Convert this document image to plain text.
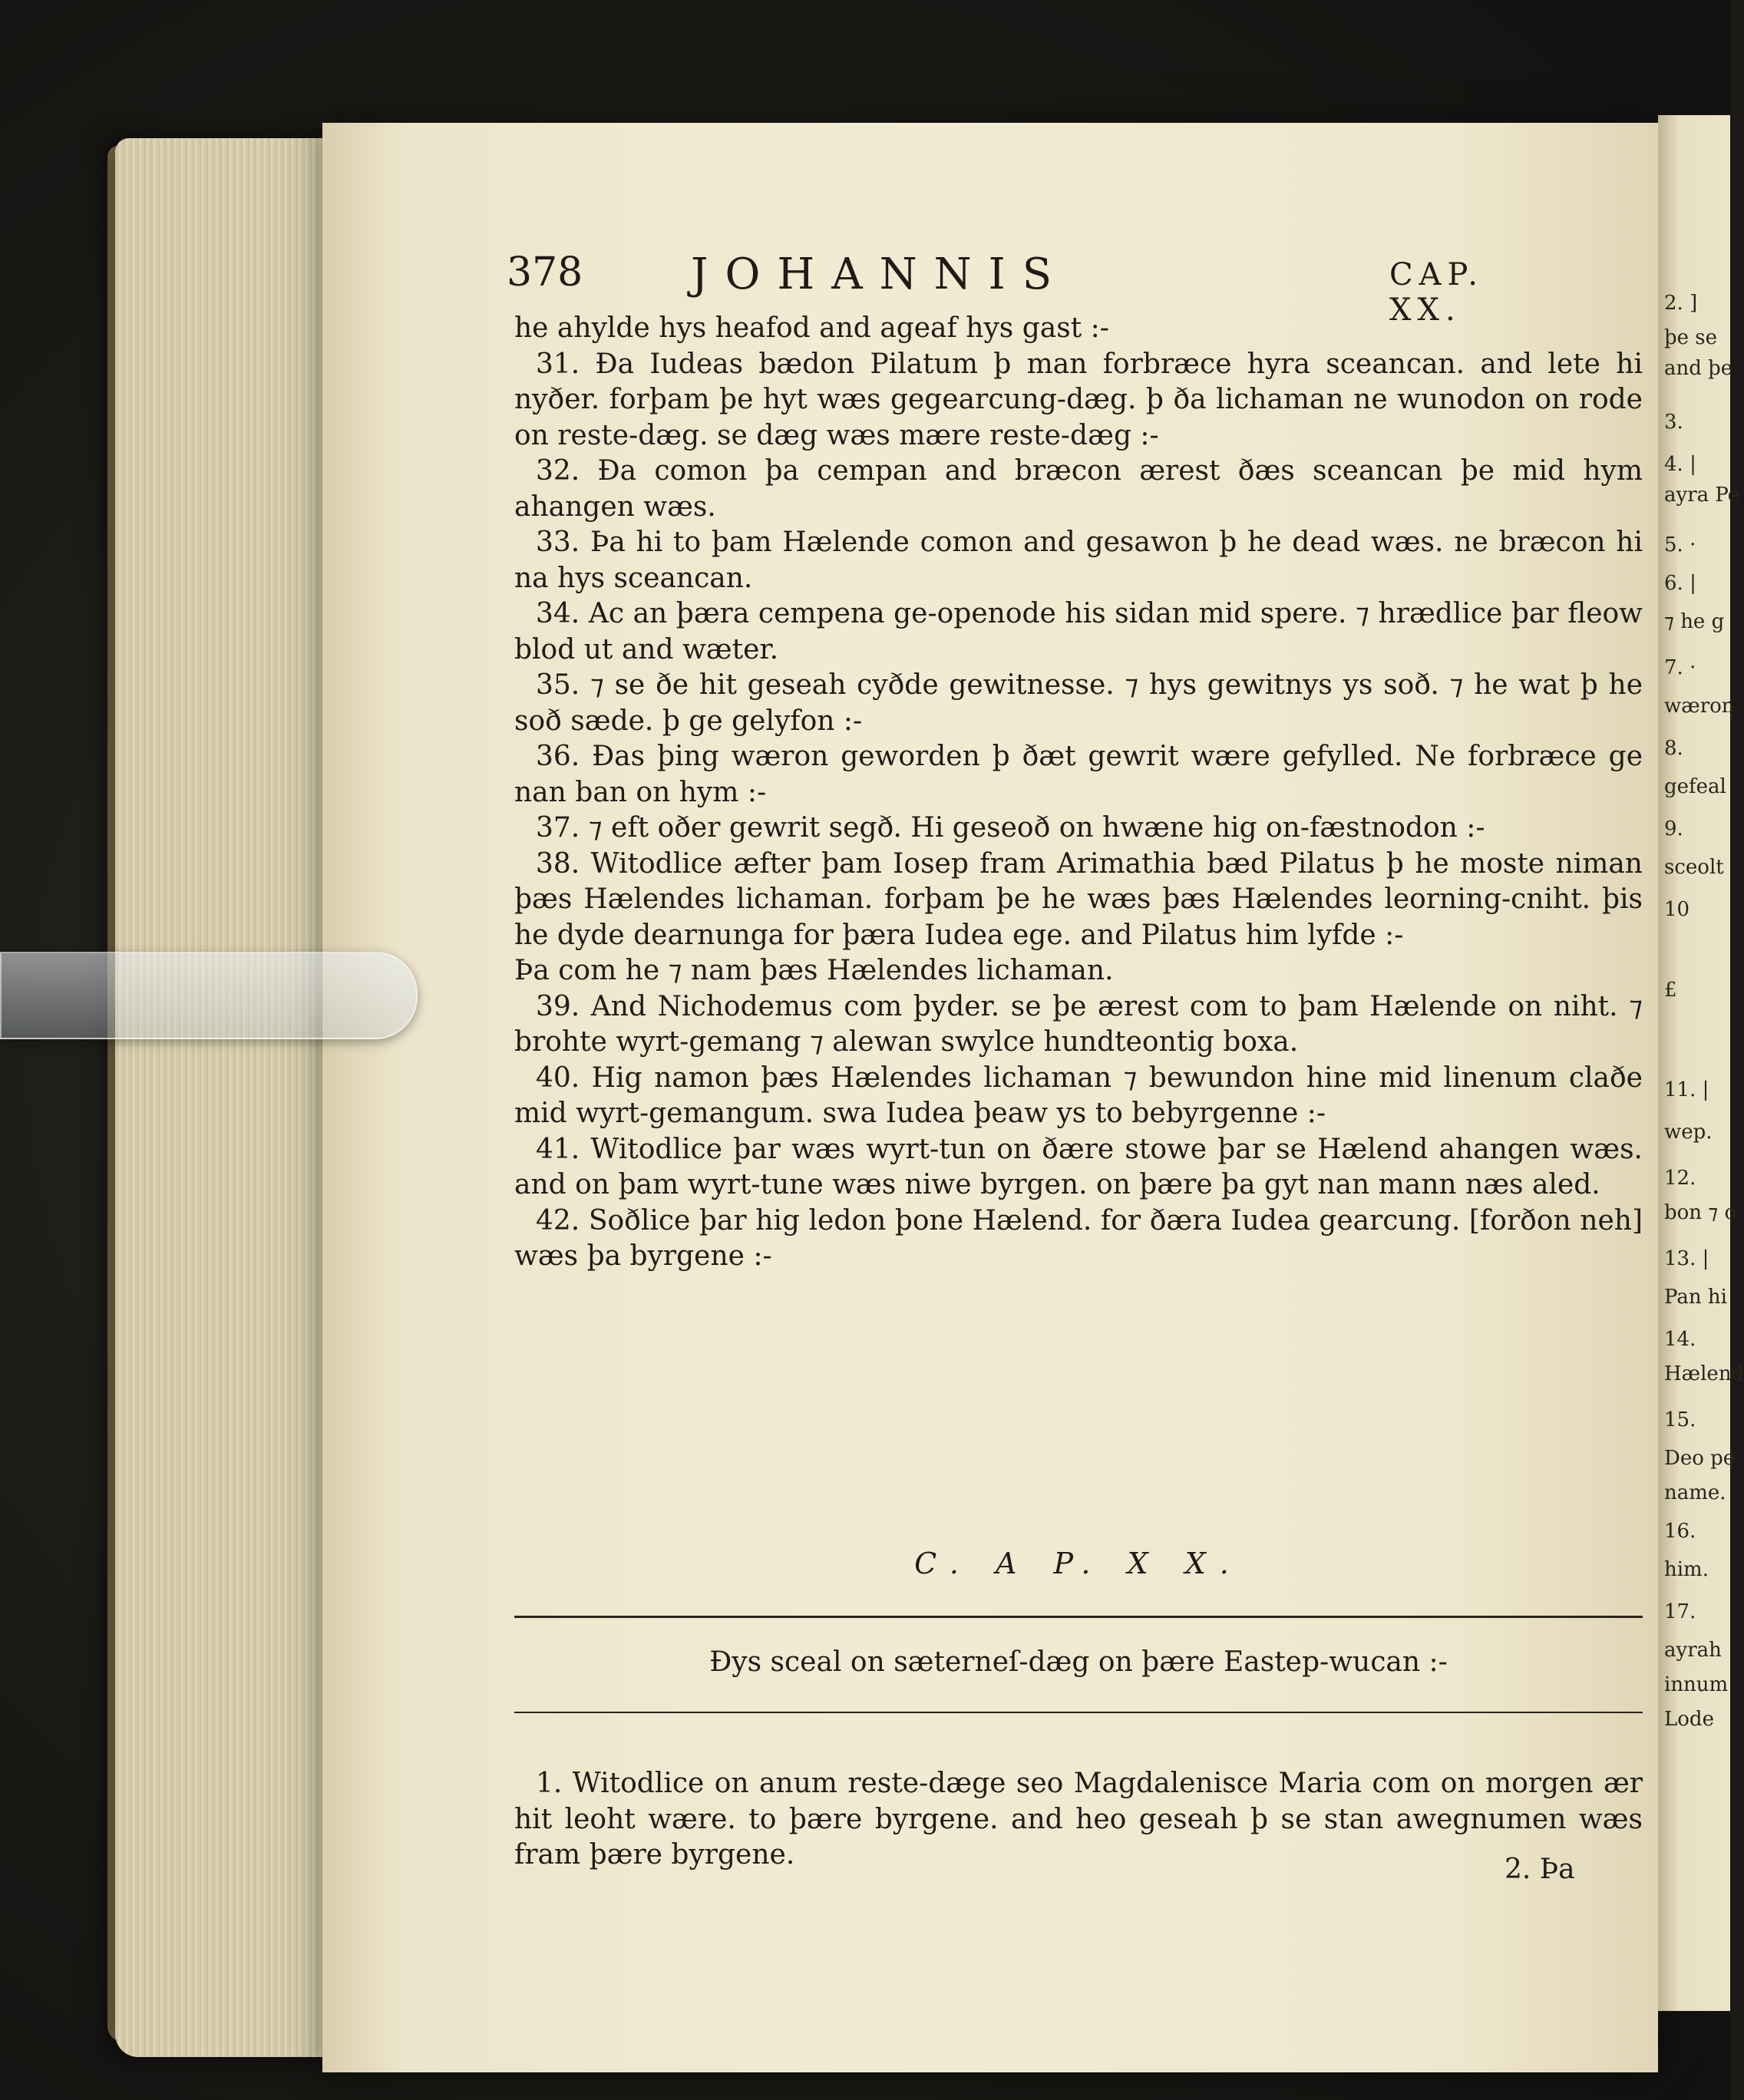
378	JOHANNIS	CAP. XX.

he ahylde hys heafod and ageaf hys gast :-

31. Ða Iudeas bædon Pilatum þ man forbræce hyra sceancan. and lete hi nyðer. forþam þe hyt wæs gegearcung-dæg. þ ða lichaman ne wunodon on rode on reste-dæg. se dæg wæs mære reste-dæg :-

32. Ða comon þa cempan and bræcon ærest ðæs sceancan þe mid hym ahangen wæs.

33. Þa hi to þam Hælende comon and gesawon þ he dead wæs. ne bræcon hi na hys sceancan.

34. Ac an þæra cempena ge-openode his sidan mid spere. ⁊ hrædlice þar fleow blod ut and wæter.

35. ⁊ se ðe hit geseah cyðde gewitnesse. ⁊ hys gewitnys ys soð. ⁊ he wat þ he soð sæde. þ ge gelyfon :-

36. Ðas þing wæron geworden þ ðæt gewrit wære gefylled. Ne forbræce ge nan ban on hym :-

37. ⁊ eft oðer gewrit segð. Hi geseoð on hwæne hig on-fæstnodon :-

38. Witodlice æfter þam Iosep fram Arimathia bæd Pilatus þ he moste niman þæs Hælendes lichaman. forþam þe he wæs þæs Hælendes leorning-cniht. þis he dyde dearnunga for þæra Iudea ege. and Pilatus him lyfde :-

Þa com he ⁊ nam þæs Hælendes lichaman.

39. And Nichodemus com þyder. se þe ærest com to þam Hælende on niht. ⁊ brohte wyrt-gemang ⁊ alewan swylce hundteontig boxa.

40. Hig namon þæs Hælendes lichaman ⁊ bewundon hine mid linenum claðe mid wyrt-gemangum. swa Iudea þeaw ys to bebyrgenne :-

41. Witodlice þar wæs wyrt-tun on ðære stowe þar se Hælend ahangen wæs. and on þam wyrt-tune wæs niwe byrgen. on þære þa gyt nan mann næs aled.

42. Soðlice þar hig ledon þone Hælend. for ðæra Iudea gearcung. [forðon neh] wæs þa byrgene :-

C. A P. X X.
Ðys sceal on sæterneſ-dæg on þære Eastep-wucan :-

1. Witodlice on anum reste-dæge seo Magdalenisce Maria com on morgen ær hit leoht wære. to þære byrgene. and heo geseah þ se stan awegnumen wæs fram þære byrgene.	2. Þa
2. ]
þe se
and þe
3.
4. |
ayra Pe
5. ·
6. |
⁊ he g
7. ·
wæron
8.
gefeal
9.
sceolt
10
£
11. |
wep.
12.
bon ⁊ o
13. |
Pan hi
14.
Hælend
15.
Deo pe
name.
16.
him.
17.
ayrah
innum
Lode
